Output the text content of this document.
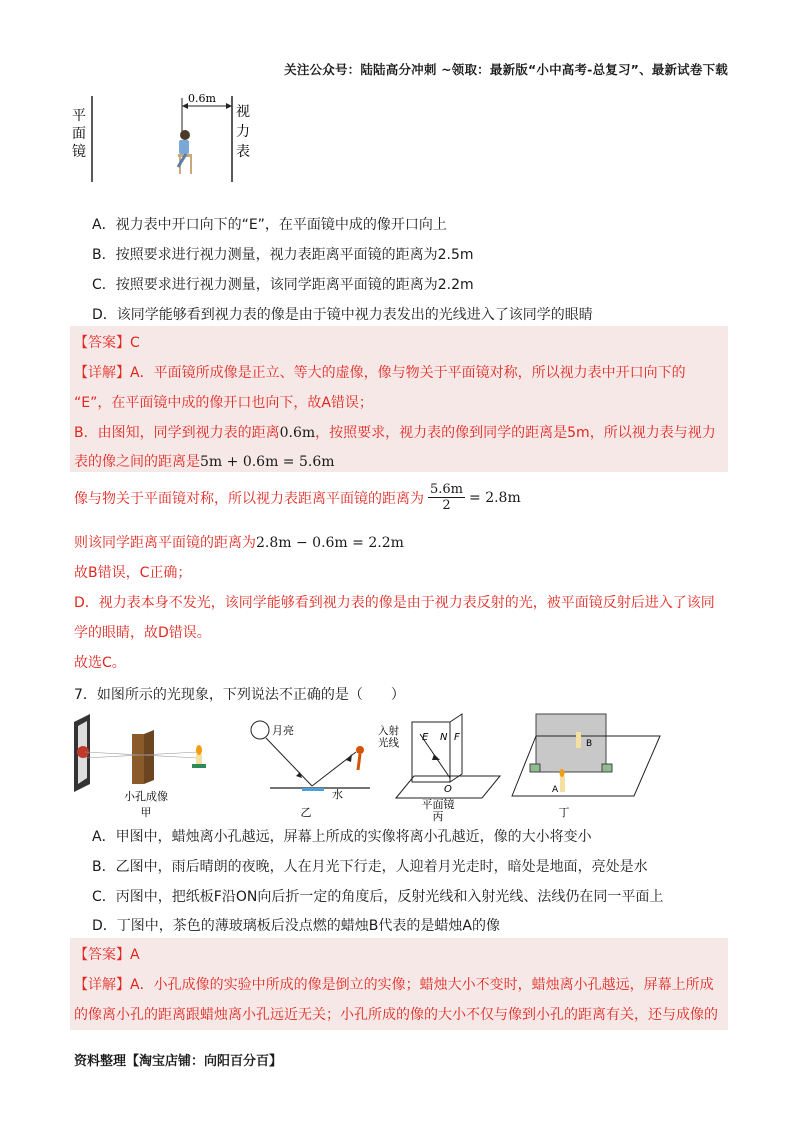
关注公众号：陆陆高分冲刺 ~领取：最新版“小中高考-总复习”、最新试卷下载
0.6m
平
面
镜
视
力
表
A．视力表中开口向下的“E”，在平面镜中成的像开口向上
B．按照要求进行视力测量，视力表距离平面镜的距离为2.5m
C．按照要求进行视力测量，该同学距离平面镜的距离为2.2m
D．该同学能够看到视力表的像是由于镜中视力表发出的光线进入了该同学的眼睛
【答案】C
【详解】A．平面镜所成像是正立、等大的虚像，像与物关于平面镜对称，所以视力表中开口向下的
“E”，在平面镜中成的像开口也向下，故A错误；
B．由图知，同学到视力表的距离0.6m，按照要求，视力表的像到同学的距离是5m，所以视力表与视力
表的像之间的距离是5m + 0.6m = 5.6m
像与物关于平面镜对称，所以视力表距离平面镜的距离为 $\frac{5.6m}{2} = 2.8m$
则该同学距离平面镜的距离为2.8m − 0.6m = 2.2m
故B错误，C正确；
D．视力表本身不发光，该同学能够看到视力表的像是由于视力表反射的光，被平面镜反射后进入了该同
学的眼睛，故D错误。
故选C。
7．如图所示的光现象，下列说法不正确的是（　　）
小孔成像
甲
月亮
水
乙
入射
光线 E N F
O
平面镜
丙
B
A
丁
A．甲图中，蜡烛离小孔越远，屏幕上所成的实像将离小孔越近，像的大小将变小
B．乙图中，雨后晴朗的夜晚，人在月光下行走，人迎着月光走时，暗处是地面，亮处是水
C．丙图中，把纸板F沿ON向后折一定的角度后，反射光线和入射光线、法线仍在同一平面上
D．丁图中，茶色的薄玻璃板后没点燃的蜡烛B代表的是蜡烛A的像
【答案】A
【详解】A．小孔成像的实验中所成的像是倒立的实像；蜡烛大小不变时，蜡烛离小孔越远，屏幕上所成
的像离小孔的距离跟蜡烛离小孔远近无关；小孔所成的像的大小不仅与像到小孔的距离有关，还与成像的
资料整理【淘宝店铺：向阳百分百】
